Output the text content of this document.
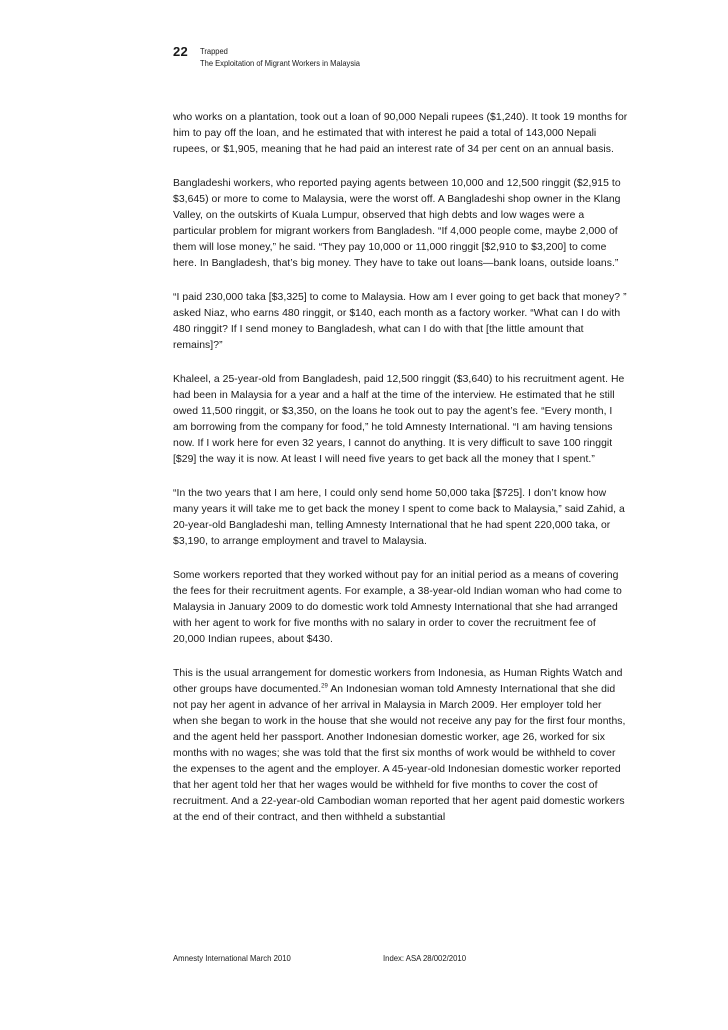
22 Trapped
The Exploitation of Migrant Workers in Malaysia

who works on a plantation, took out a loan of 90,000 Nepali rupees ($1,240). It took 19 months for him to pay off the loan, and he estimated that with interest he paid a total of 143,000 Nepali rupees, or $1,905, meaning that he had paid an interest rate of 34 per cent on an annual basis.

Bangladeshi workers, who reported paying agents between 10,000 and 12,500 ringgit ($2,915 to $3,645) or more to come to Malaysia, were the worst off. A Bangladeshi shop owner in the Klang Valley, on the outskirts of Kuala Lumpur, observed that high debts and low wages were a particular problem for migrant workers from Bangladesh. “If 4,000 people come, maybe 2,000 of them will lose money,” he said. “They pay 10,000 or 11,000 ringgit [$2,910 to $3,200] to come here. In Bangladesh, that’s big money. They have to take out loans—bank loans, outside loans.”

“I paid 230,000 taka [$3,325] to come to Malaysia. How am I ever going to get back that money? ” asked Niaz, who earns 480 ringgit, or $140, each month as a factory worker. “What can I do with 480 ringgit? If I send money to Bangladesh, what can I do with that [the little amount that remains]?”

Khaleel, a 25-year-old from Bangladesh, paid 12,500 ringgit ($3,640) to his recruitment agent. He had been in Malaysia for a year and a half at the time of the interview. He estimated that he still owed 11,500 ringgit, or $3,350, on the loans he took out to pay the agent’s fee. “Every month, I am borrowing from the company for food,” he told Amnesty International. “I am having tensions now. If I work here for even 32 years, I cannot do anything. It is very difficult to save 100 ringgit [$29] the way it is now. At least I will need five years to get back all the money that I spent.”

“In the two years that I am here, I could only send home 50,000 taka [$725]. I don’t know how many years it will take me to get back the money I spent to come back to Malaysia,” said Zahid, a 20-year-old Bangladeshi man, telling Amnesty International that he had spent 220,000 taka, or $3,190, to arrange employment and travel to Malaysia.

Some workers reported that they worked without pay for an initial period as a means of covering the fees for their recruitment agents. For example, a 38-year-old Indian woman who had come to Malaysia in January 2009 to do domestic work told Amnesty International that she had arranged with her agent to work for five months with no salary in order to cover the recruitment fee of 20,000 Indian rupees, about $430.

This is the usual arrangement for domestic workers from Indonesia, as Human Rights Watch and other groups have documented.$^{29}$ An Indonesian woman told Amnesty International that she did not pay her agent in advance of her arrival in Malaysia in March 2009. Her employer told her when she began to work in the house that she would not receive any pay for the first four months, and the agent held her passport. Another Indonesian domestic worker, age 26, worked for six months with no wages; she was told that the first six months of work would be withheld to cover the expenses to the agent and the employer. A 45-year-old Indonesian domestic worker reported that her agent told her that her wages would be withheld for five months to cover the cost of recruitment. And a 22-year-old Cambodian woman reported that her agent paid domestic workers at the end of their contract, and then withheld a substantial

Amnesty International March 2010	Index: ASA 28/002/2010
